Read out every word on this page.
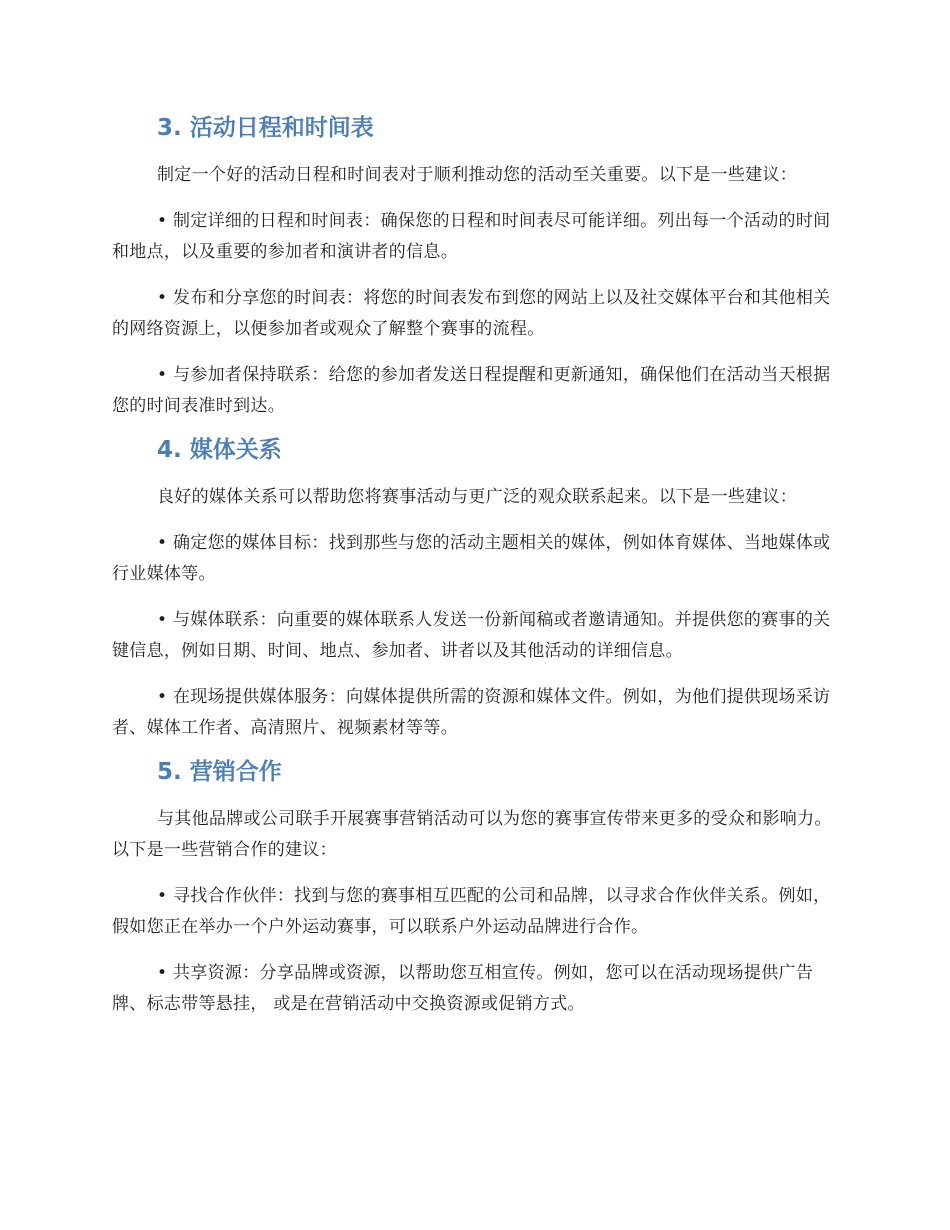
3. 活动日程和时间表

制定一个好的活动日程和时间表对于顺利推动您的活动至关重要。以下是一些建议：

• 制定详细的日程和时间表：确保您的日程和时间表尽可能详细。列出每一个活动的时间和地点，以及重要的参加者和演讲者的信息。

• 发布和分享您的时间表：将您的时间表发布到您的网站上以及社交媒体平台和其他相关的网络资源上，以便参加者或观众了解整个赛事的流程。

• 与参加者保持联系：给您的参加者发送日程提醒和更新通知，确保他们在活动当天根据您的时间表准时到达。

4. 媒体关系

良好的媒体关系可以帮助您将赛事活动与更广泛的观众联系起来。以下是一些建议：

• 确定您的媒体目标：找到那些与您的活动主题相关的媒体，例如体育媒体、当地媒体或行业媒体等。

• 与媒体联系：向重要的媒体联系人发送一份新闻稿或者邀请通知。并提供您的赛事的关键信息，例如日期、时间、地点、参加者、讲者以及其他活动的详细信息。

• 在现场提供媒体服务：向媒体提供所需的资源和媒体文件。例如，为他们提供现场采访者、媒体工作者、高清照片、视频素材等等。

5. 营销合作

与其他品牌或公司联手开展赛事营销活动可以为您的赛事宣传带来更多的受众和影响力。以下是一些营销合作的建议：

• 寻找合作伙伴：找到与您的赛事相互匹配的公司和品牌，以寻求合作伙伴关系。例如，假如您正在举办一个户外运动赛事，可以联系户外运动品牌进行合作。

• 共享资源：分享品牌或资源，以帮助您互相宣传。例如，您可以在活动现场提供广告牌、标志带等悬挂， 或是在营销活动中交换资源或促销方式。
